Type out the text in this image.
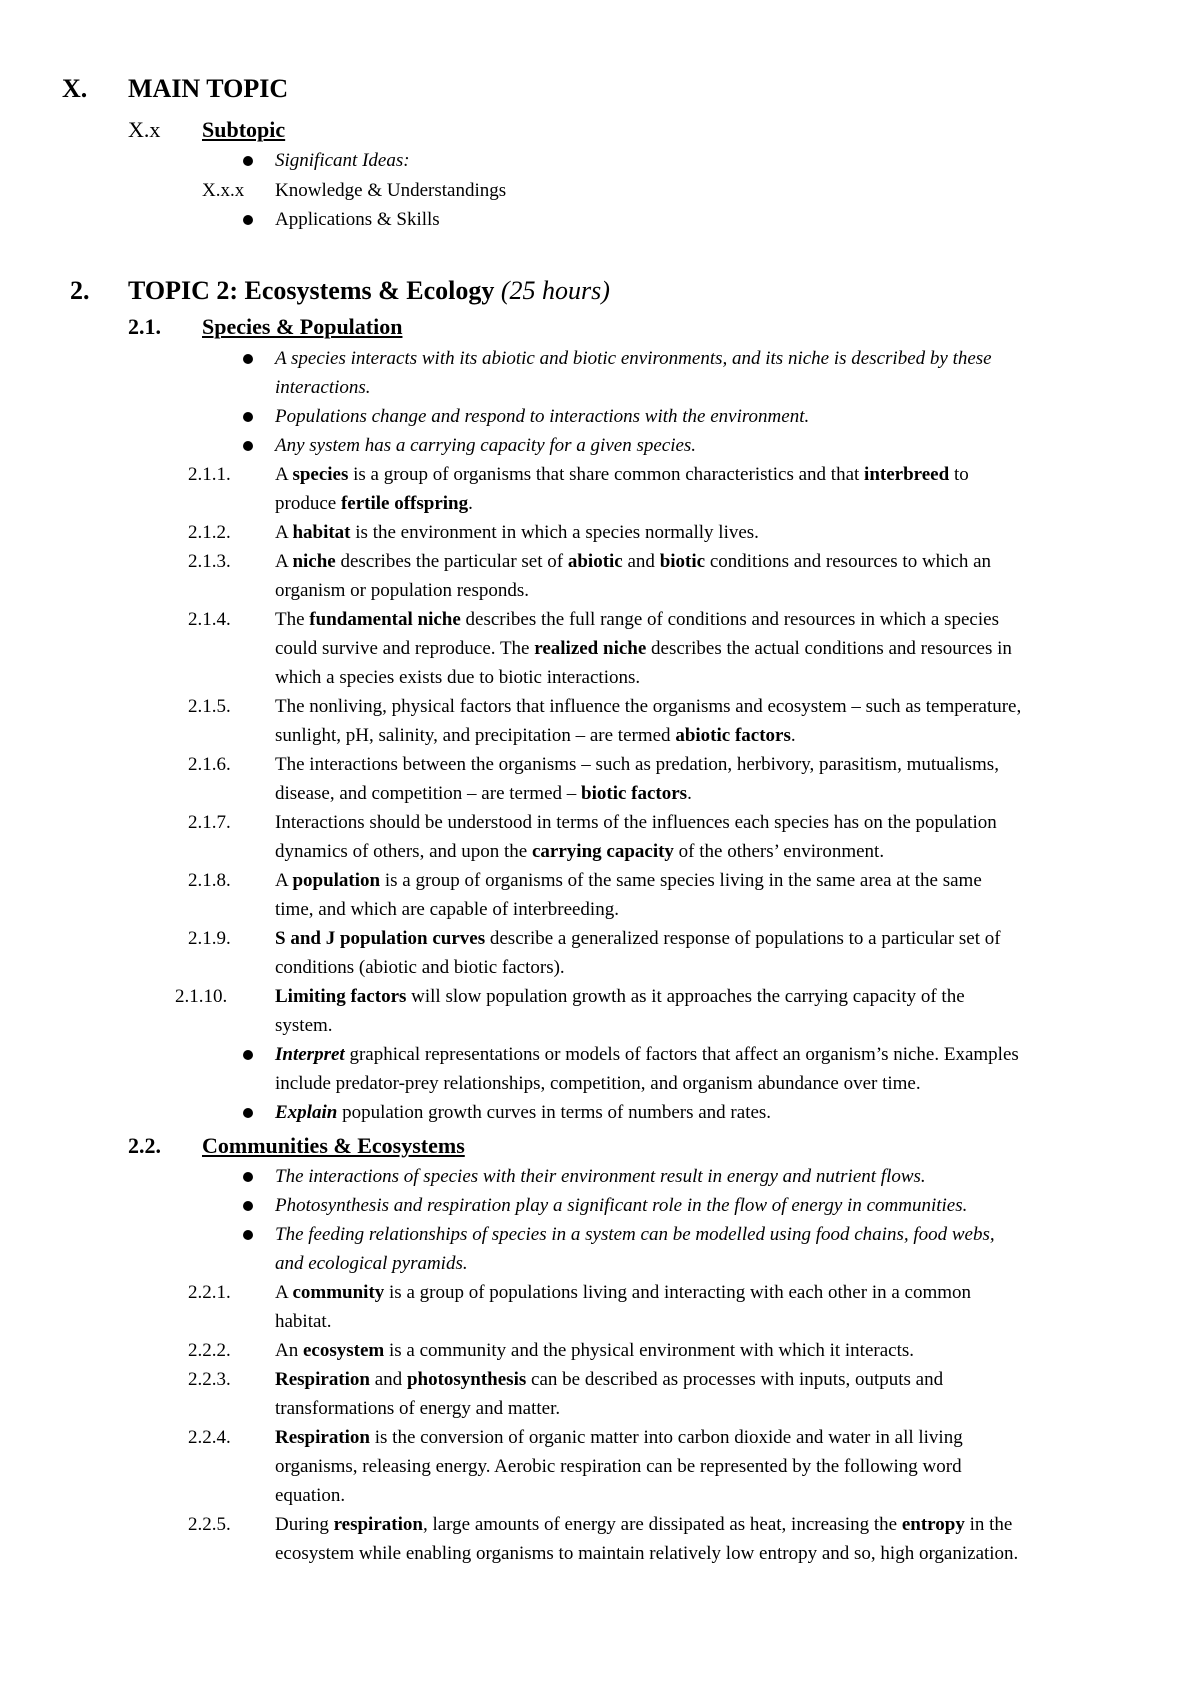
X. MAIN TOPIC
X.x Subtopic
Significant Ideas:
X.x.x Knowledge & Understandings
Applications & Skills
2. TOPIC 2: Ecosystems & Ecology (25 hours)
2.1. Species & Population
A species interacts with its abiotic and biotic environments, and its niche is described by these
interactions.
Populations change and respond to interactions with the environment.
Any system has a carrying capacity for a given species.
2.1.1. A species is a group of organisms that share common characteristics and that interbreed to
produce fertile offspring.
2.1.2. A habitat is the environment in which a species normally lives.
2.1.3. A niche describes the particular set of abiotic and biotic conditions and resources to which an
organism or population responds.
2.1.4. The fundamental niche describes the full range of conditions and resources in which a species
could survive and reproduce. The realized niche describes the actual conditions and resources in
which a species exists due to biotic interactions.
2.1.5. The nonliving, physical factors that influence the organisms and ecosystem – such as temperature,
sunlight, pH, salinity, and precipitation – are termed abiotic factors.
2.1.6. The interactions between the organisms – such as predation, herbivory, parasitism, mutualisms,
disease, and competition – are termed – biotic factors.
2.1.7. Interactions should be understood in terms of the influences each species has on the population
dynamics of others, and upon the carrying capacity of the others’ environment.
2.1.8. A population is a group of organisms of the same species living in the same area at the same
time, and which are capable of interbreeding.
2.1.9. S and J population curves describe a generalized response of populations to a particular set of
conditions (abiotic and biotic factors).
2.1.10.	Limiting factors will slow population growth as it approaches the carrying capacity of the
system.
Interpret graphical representations or models of factors that affect an organism’s niche. Examples
include predator-prey relationships, competition, and organism abundance over time.
Explain population growth curves in terms of numbers and rates.
2.2. Communities & Ecosystems
The interactions of species with their environment result in energy and nutrient flows.
Photosynthesis and respiration play a significant role in the flow of energy in communities.
The feeding relationships of species in a system can be modelled using food chains, food webs,
and ecological pyramids.
2.2.1. A community is a group of populations living and interacting with each other in a common
habitat.
2.2.2. An ecosystem is a community and the physical environment with which it interacts.
2.2.3. Respiration and photosynthesis can be described as processes with inputs, outputs and
transformations of energy and matter.
2.2.4. Respiration is the conversion of organic matter into carbon dioxide and water in all living
organisms, releasing energy. Aerobic respiration can be represented by the following word
equation.
2.2.5. During respiration, large amounts of energy are dissipated as heat, increasing the entropy in the
ecosystem while enabling organisms to maintain relatively low entropy and so, high organization.
